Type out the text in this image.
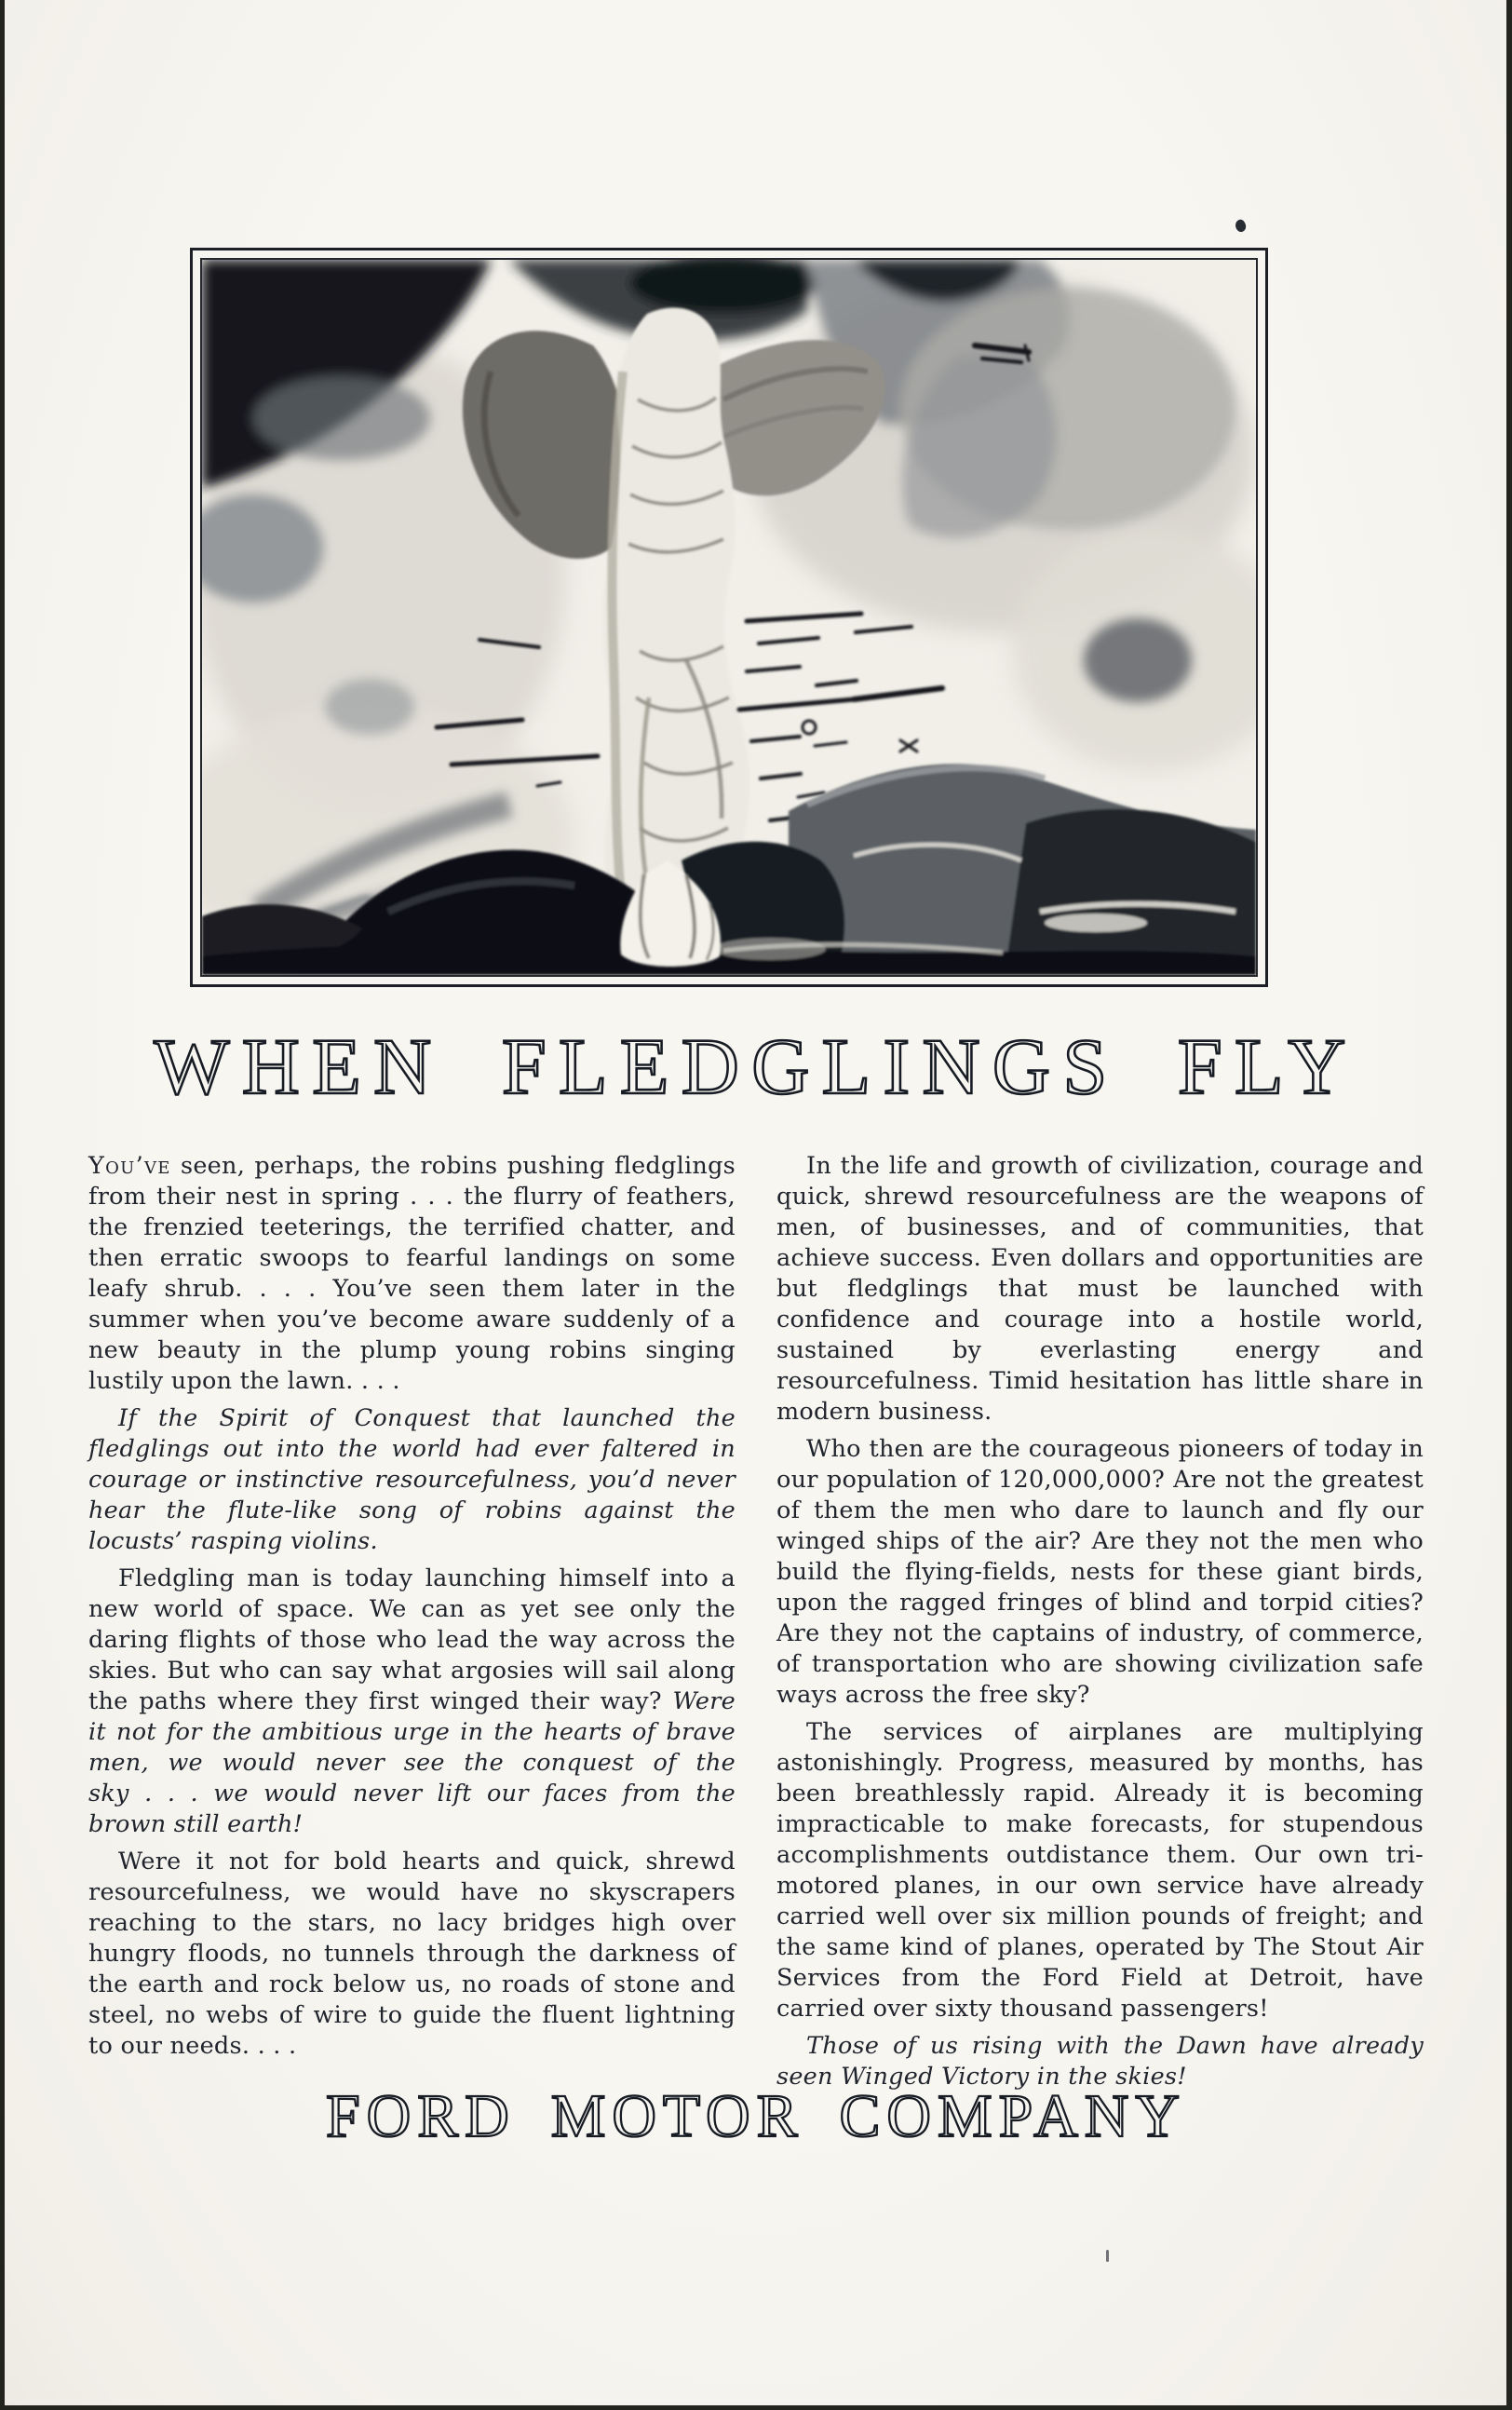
WHEN FLEDGLINGS FLY

You’ve seen, perhaps, the robins pushing fledglings from their nest in spring . . . the flurry of feathers, the frenzied teeterings, the terrified chatter, and then erratic swoops to fearful landings on some leafy shrub. . . . You’ve seen them later in the summer when you’ve become aware suddenly of a new beauty in the plump young robins singing lustily upon the lawn. . . .

If the Spirit of Conquest that launched the fledglings out into the world had ever faltered in courage or instinctive resourcefulness, you’d never hear the flute-like song of robins against the locusts’ rasping violins.

Fledgling man is today launching himself into a new world of space. We can as yet see only the daring flights of those who lead the way across the skies. But who can say what argosies will sail along the paths where they first winged their way? Were it not for the ambitious urge in the hearts of brave men, we would never see the conquest of the sky . . . we would never lift our faces from the brown still earth!

Were it not for bold hearts and quick, shrewd resourcefulness, we would have no skyscrapers reaching to the stars, no lacy bridges high over hungry floods, no tunnels through the darkness of the earth and rock below us, no roads of stone and steel, no webs of wire to guide the fluent lightning to our needs. . . .

In the life and growth of civilization, courage and quick, shrewd resourcefulness are the weapons of men, of businesses, and of communities, that achieve success. Even dollars and opportunities are but fledglings that must be launched with confidence and courage into a hostile world, sustained by everlasting energy and resourcefulness. Timid hesitation has little share in modern business.

Who then are the courageous pioneers of today in our population of 120,000,000? Are not the greatest of them the men who dare to launch and fly our winged ships of the air? Are they not the men who build the flying-fields, nests for these giant birds, upon the ragged fringes of blind and torpid cities? Are they not the captains of industry, of commerce, of transportation who are showing civilization safe ways across the free sky?

The services of airplanes are multiplying astonishingly. Progress, measured by months, has been breathlessly rapid. Already it is becoming impracticable to make forecasts, for stupendous accomplishments outdistance them. Our own tri-motored planes, in our own service have already carried well over six million pounds of freight; and the same kind of planes, operated by The Stout Air Services from the Ford Field at Detroit, have carried over sixty thousand passengers!

Those of us rising with the Dawn have already seen Winged Victory in the skies!

FORD MOTOR COMPANY
